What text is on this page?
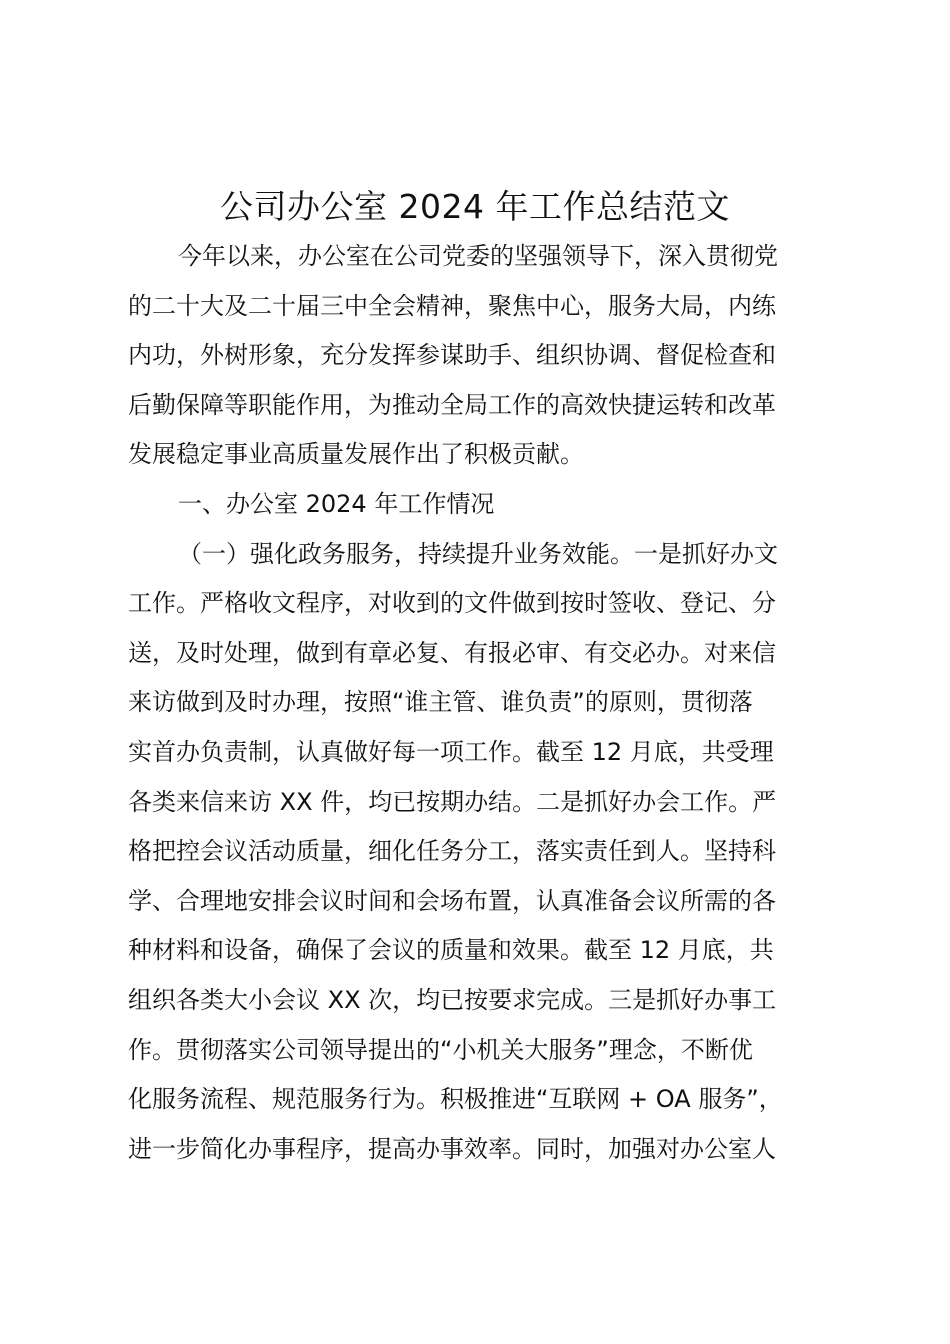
公司办公室 2024 年工作总结范文
今年以来，办公室在公司党委的坚强领导下，深入贯彻党
的二十大及二十届三中全会精神，聚焦中心，服务大局，内练
内功，外树形象，充分发挥参谋助手、组织协调、督促检查和
后勤保障等职能作用，为推动全局工作的高效快捷运转和改革
发展稳定事业高质量发展作出了积极贡献。
一、办公室 2024 年工作情况
（一）强化政务服务，持续提升业务效能。一是抓好办文
工作。严格收文程序，对收到的文件做到按时签收、登记、分
送，及时处理，做到有章必复、有报必审、有交必办。对来信
来访做到及时办理，按照“谁主管、谁负责”的原则，贯彻落
实首办负责制，认真做好每一项工作。截至 12 月底，共受理
各类来信来访 XX 件，均已按期办结。二是抓好办会工作。严
格把控会议活动质量，细化任务分工，落实责任到人。坚持科
学、合理地安排会议时间和会场布置，认真准备会议所需的各
种材料和设备，确保了会议的质量和效果。截至 12 月底，共
组织各类大小会议 XX 次，均已按要求完成。三是抓好办事工
作。贯彻落实公司领导提出的“小机关大服务”理念，不断优
化服务流程、规范服务行为。积极推进“互联网 + OA 服务”，
进一步简化办事程序，提高办事效率。同时，加强对办公室人
